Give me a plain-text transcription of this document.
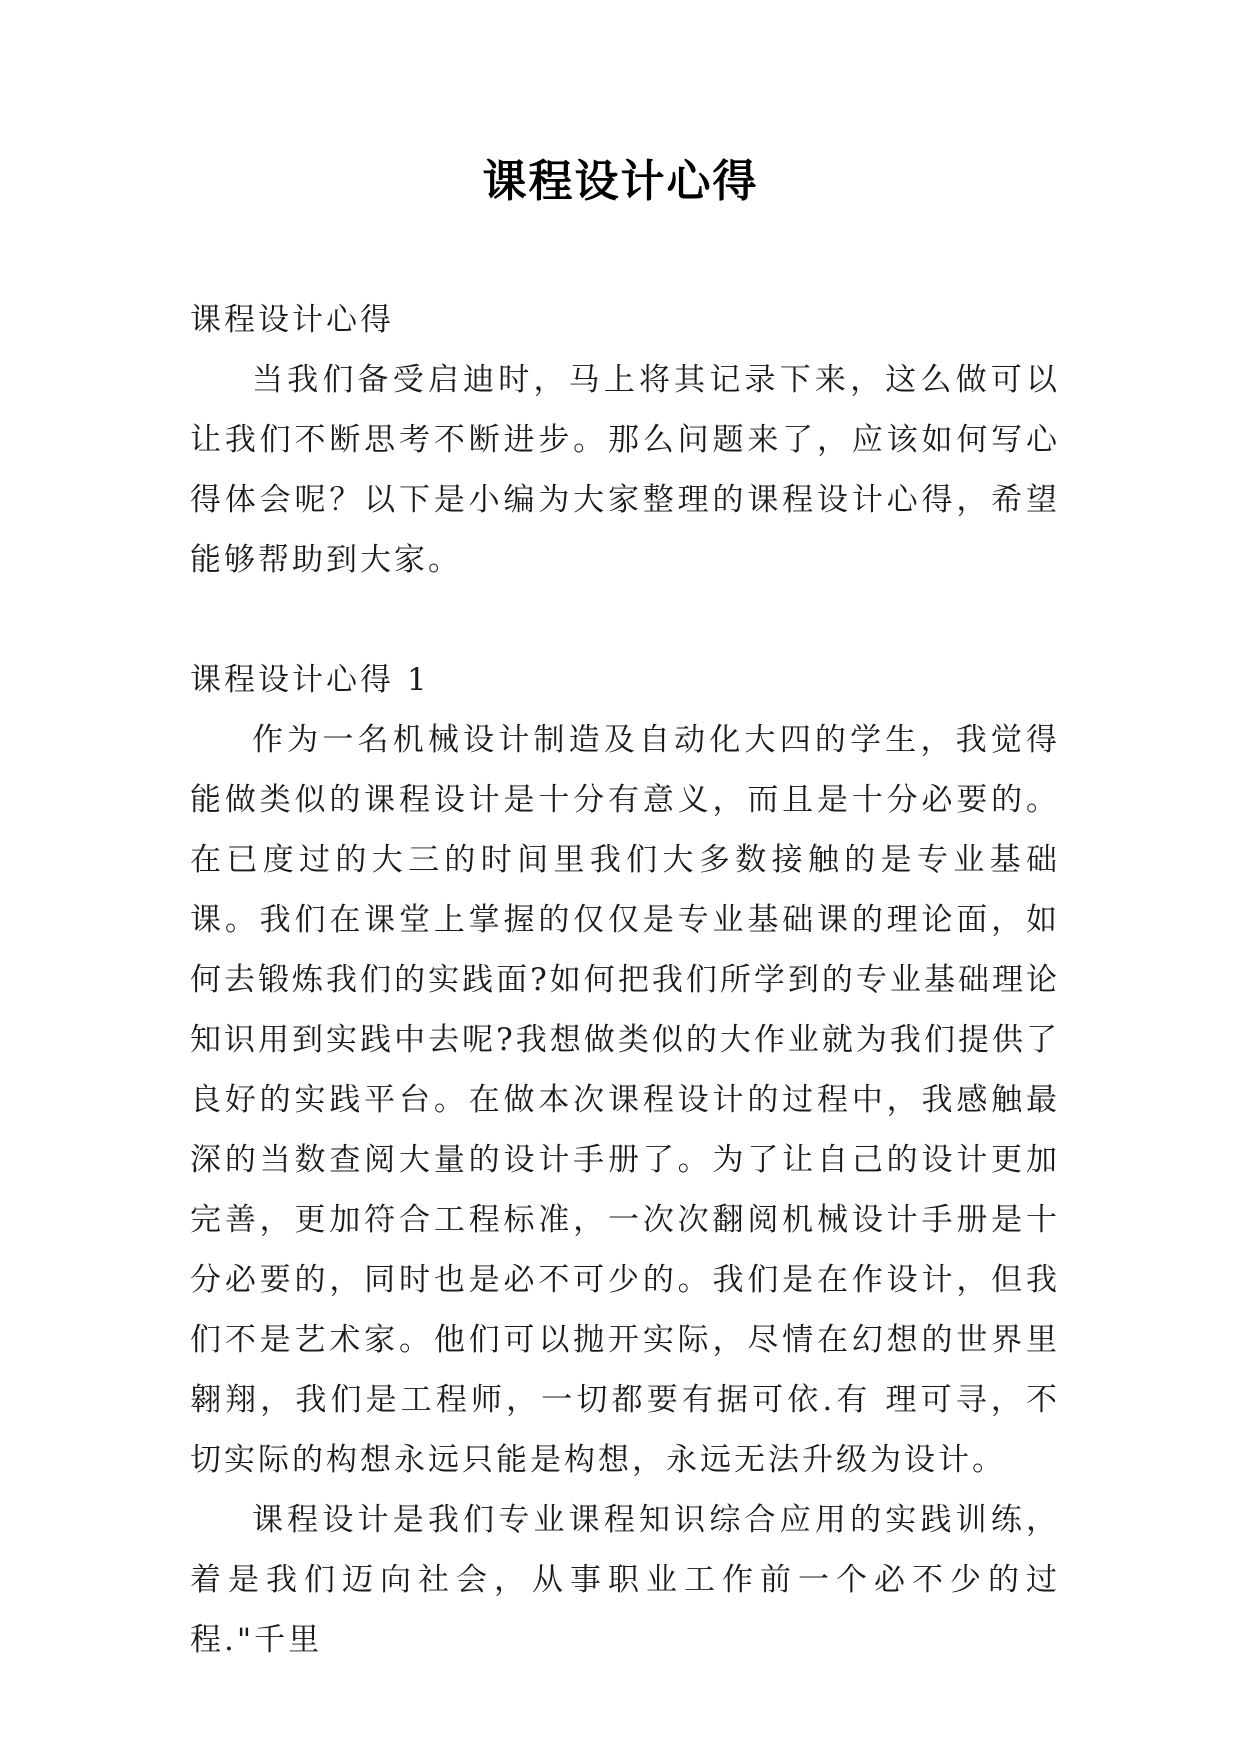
课程设计心得

课程设计心得

当我们备受启迪时，马上将其记录下来，这么做可以让我们不断思考不断进步。那么问题来了，应该如何写心得体会呢？以下是小编为大家整理的课程设计心得，希望能够帮助到大家。

课程设计心得 1

作为一名机械设计制造及自动化大四的学生，我觉得能做类似的课程设计是十分有意义，而且是十分必要的。在已度过的大三的时间里我们大多数接触的是专业基础课。我们在课堂上掌握的仅仅是专业基础课的理论面，如何去锻炼我们的实践面?如何把我们所学到的专业基础理论知识用到实践中去呢?我想做类似的大作业就为我们提供了良好的实践平台。在做本次课程设计的过程中，我感触最深的当数查阅大量的设计手册了。为了让自己的设计更加完善，更加符合工程标准，一次次翻阅机械设计手册是十分必要的，同时也是必不可少的。我们是在作设计，但我们不是艺术家。他们可以抛开实际，尽情在幻想的世界里翱翔，我们是工程师，一切都要有据可依.有 理可寻，不切实际的构想永远只能是构想，永远无法升级为设计。

课程设计是我们专业课程知识综合应用的实践训练，着是我们迈向社会，从事职业工作前一个必不少的过程."千里
